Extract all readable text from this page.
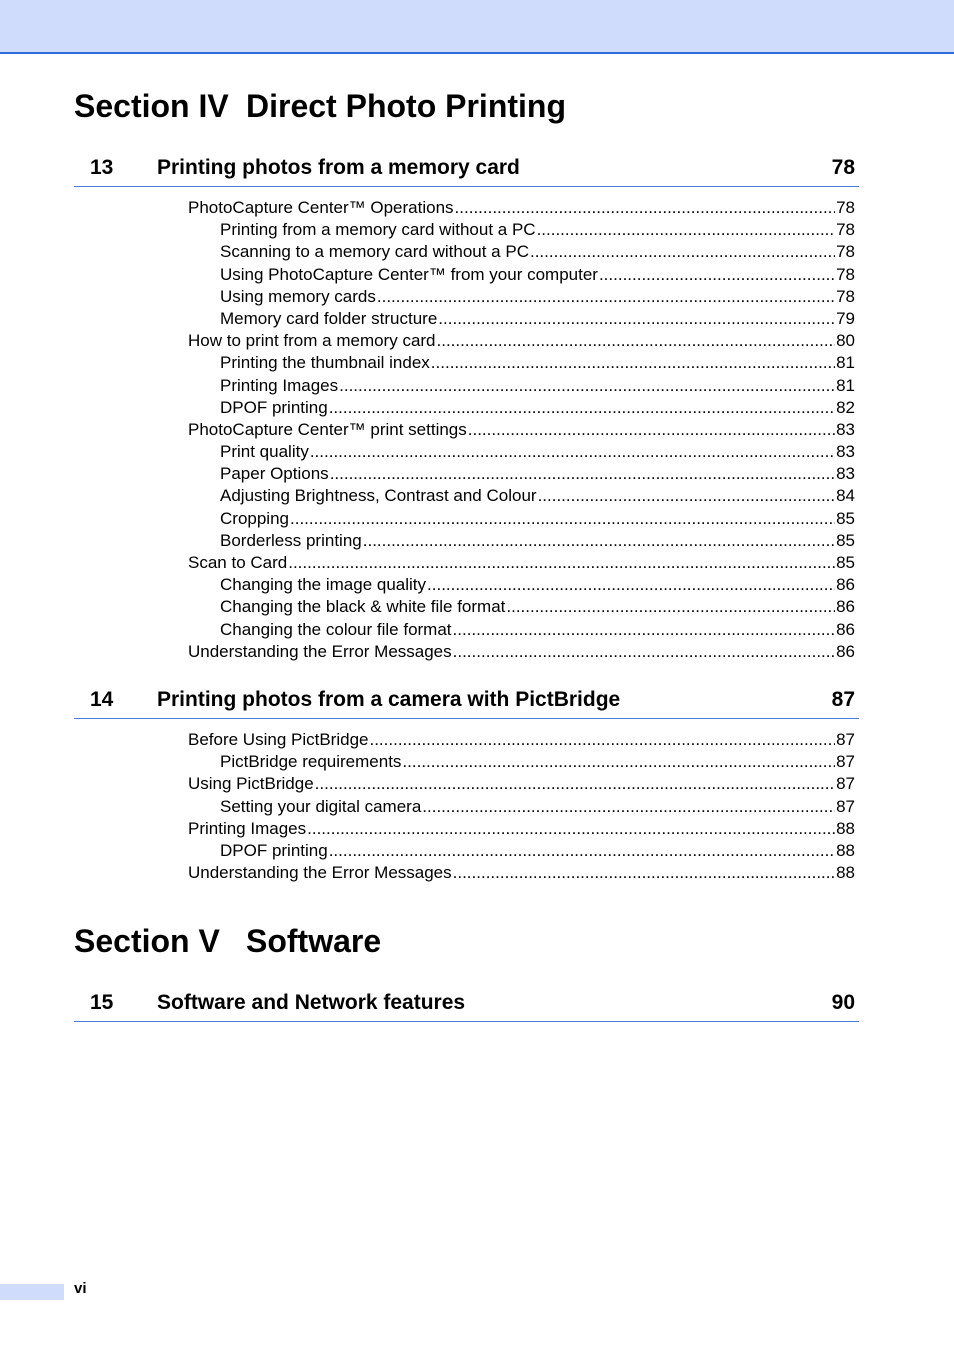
Section IV Direct Photo Printing
13 Printing photos from a memory card	78
PhotoCapture Center™ Operations .....	78
Printing from a memory card without a PC .....	78
Scanning to a memory card without a PC .....	78
Using PhotoCapture Center™ from your computer .....	78
Using memory cards .....	78
Memory card folder structure .....	79
How to print from a memory card .....	80
Printing the thumbnail index .....	81
Printing Images .....	81
DPOF printing .....	82
PhotoCapture Center™ print settings .....	83
Print quality .....	83
Paper Options .....	83
Adjusting Brightness, Contrast and Colour .....	84
Cropping .....	85
Borderless printing .....	85
Scan to Card .....	85
Changing the image quality .....	86
Changing the black & white file format .....	86
Changing the colour file format .....	86
Understanding the Error Messages .....	86
14 Printing photos from a camera with PictBridge	87
Before Using PictBridge .....	87
PictBridge requirements .....	87
Using PictBridge .....	87
Setting your digital camera .....	87
Printing Images .....	88
DPOF printing .....	88
Understanding the Error Messages .....	88
Section V Software
15 Software and Network features	90
vi
